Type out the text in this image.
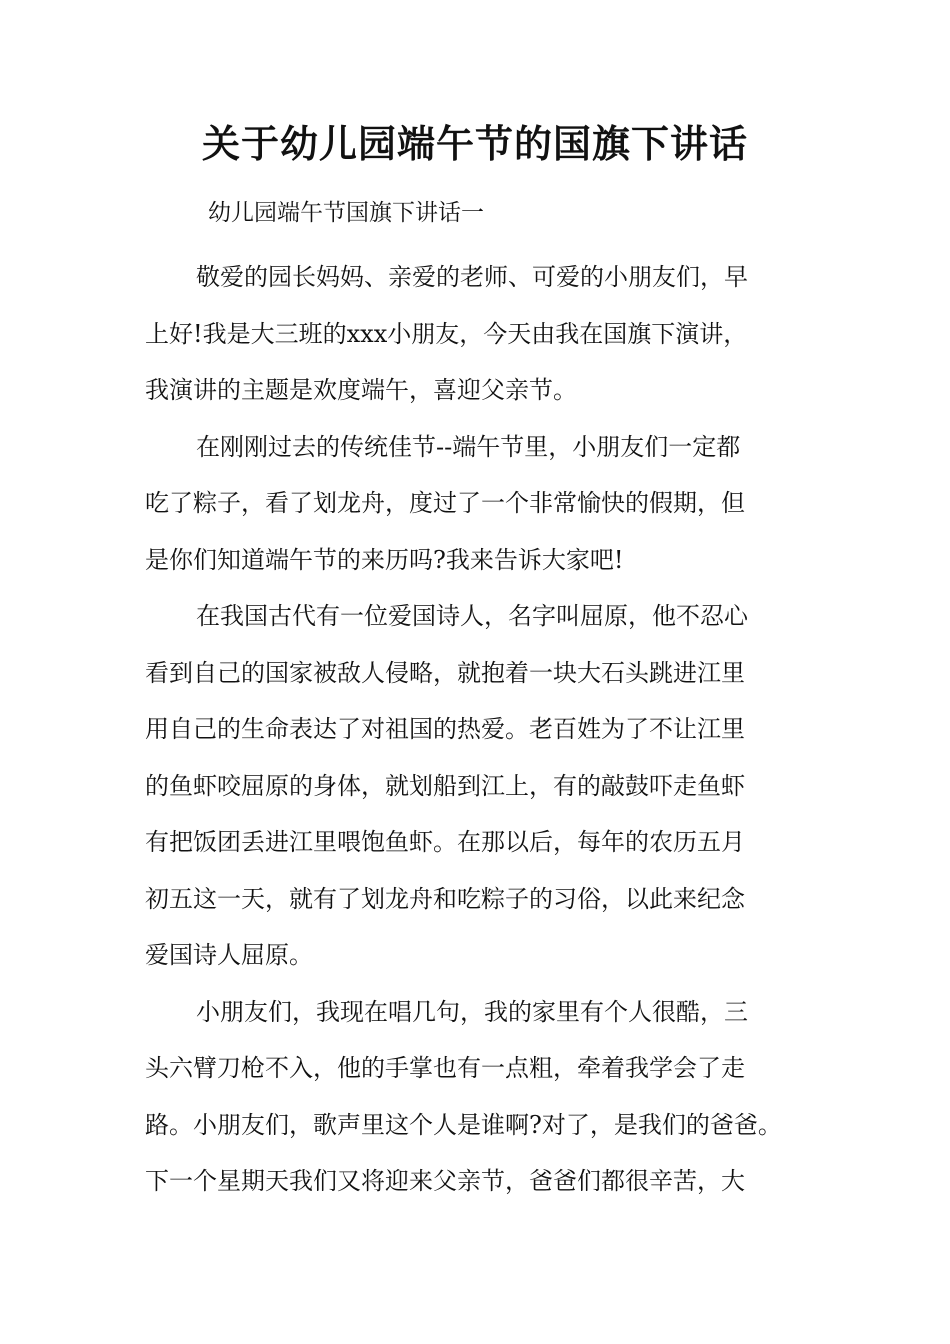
关于幼儿园端午节的国旗下讲话

幼儿园端午节国旗下讲话一

敬爱的园长妈妈、亲爱的老师、可爱的小朋友们，早
上好!我是大三班的xxx小朋友，今天由我在国旗下演讲，
我演讲的主题是欢度端午，喜迎父亲节。

在刚刚过去的传统佳节--端午节里，小朋友们一定都
吃了粽子，看了划龙舟，度过了一个非常愉快的假期，但
是你们知道端午节的来历吗?我来告诉大家吧!

在我国古代有一位爱国诗人，名字叫屈原，他不忍心
看到自己的国家被敌人侵略，就抱着一块大石头跳进江里
用自己的生命表达了对祖国的热爱。老百姓为了不让江里
的鱼虾咬屈原的身体，就划船到江上，有的敲鼓吓走鱼虾
有把饭团丢进江里喂饱鱼虾。在那以后，每年的农历五月
初五这一天，就有了划龙舟和吃粽子的习俗，以此来纪念
爱国诗人屈原。

小朋友们，我现在唱几句，我的家里有个人很酷，三
头六臂刀枪不入，他的手掌也有一点粗，牵着我学会了走
路。小朋友们，歌声里这个人是谁啊?对了，是我们的爸爸。
下一个星期天我们又将迎来父亲节，爸爸们都很辛苦，大
